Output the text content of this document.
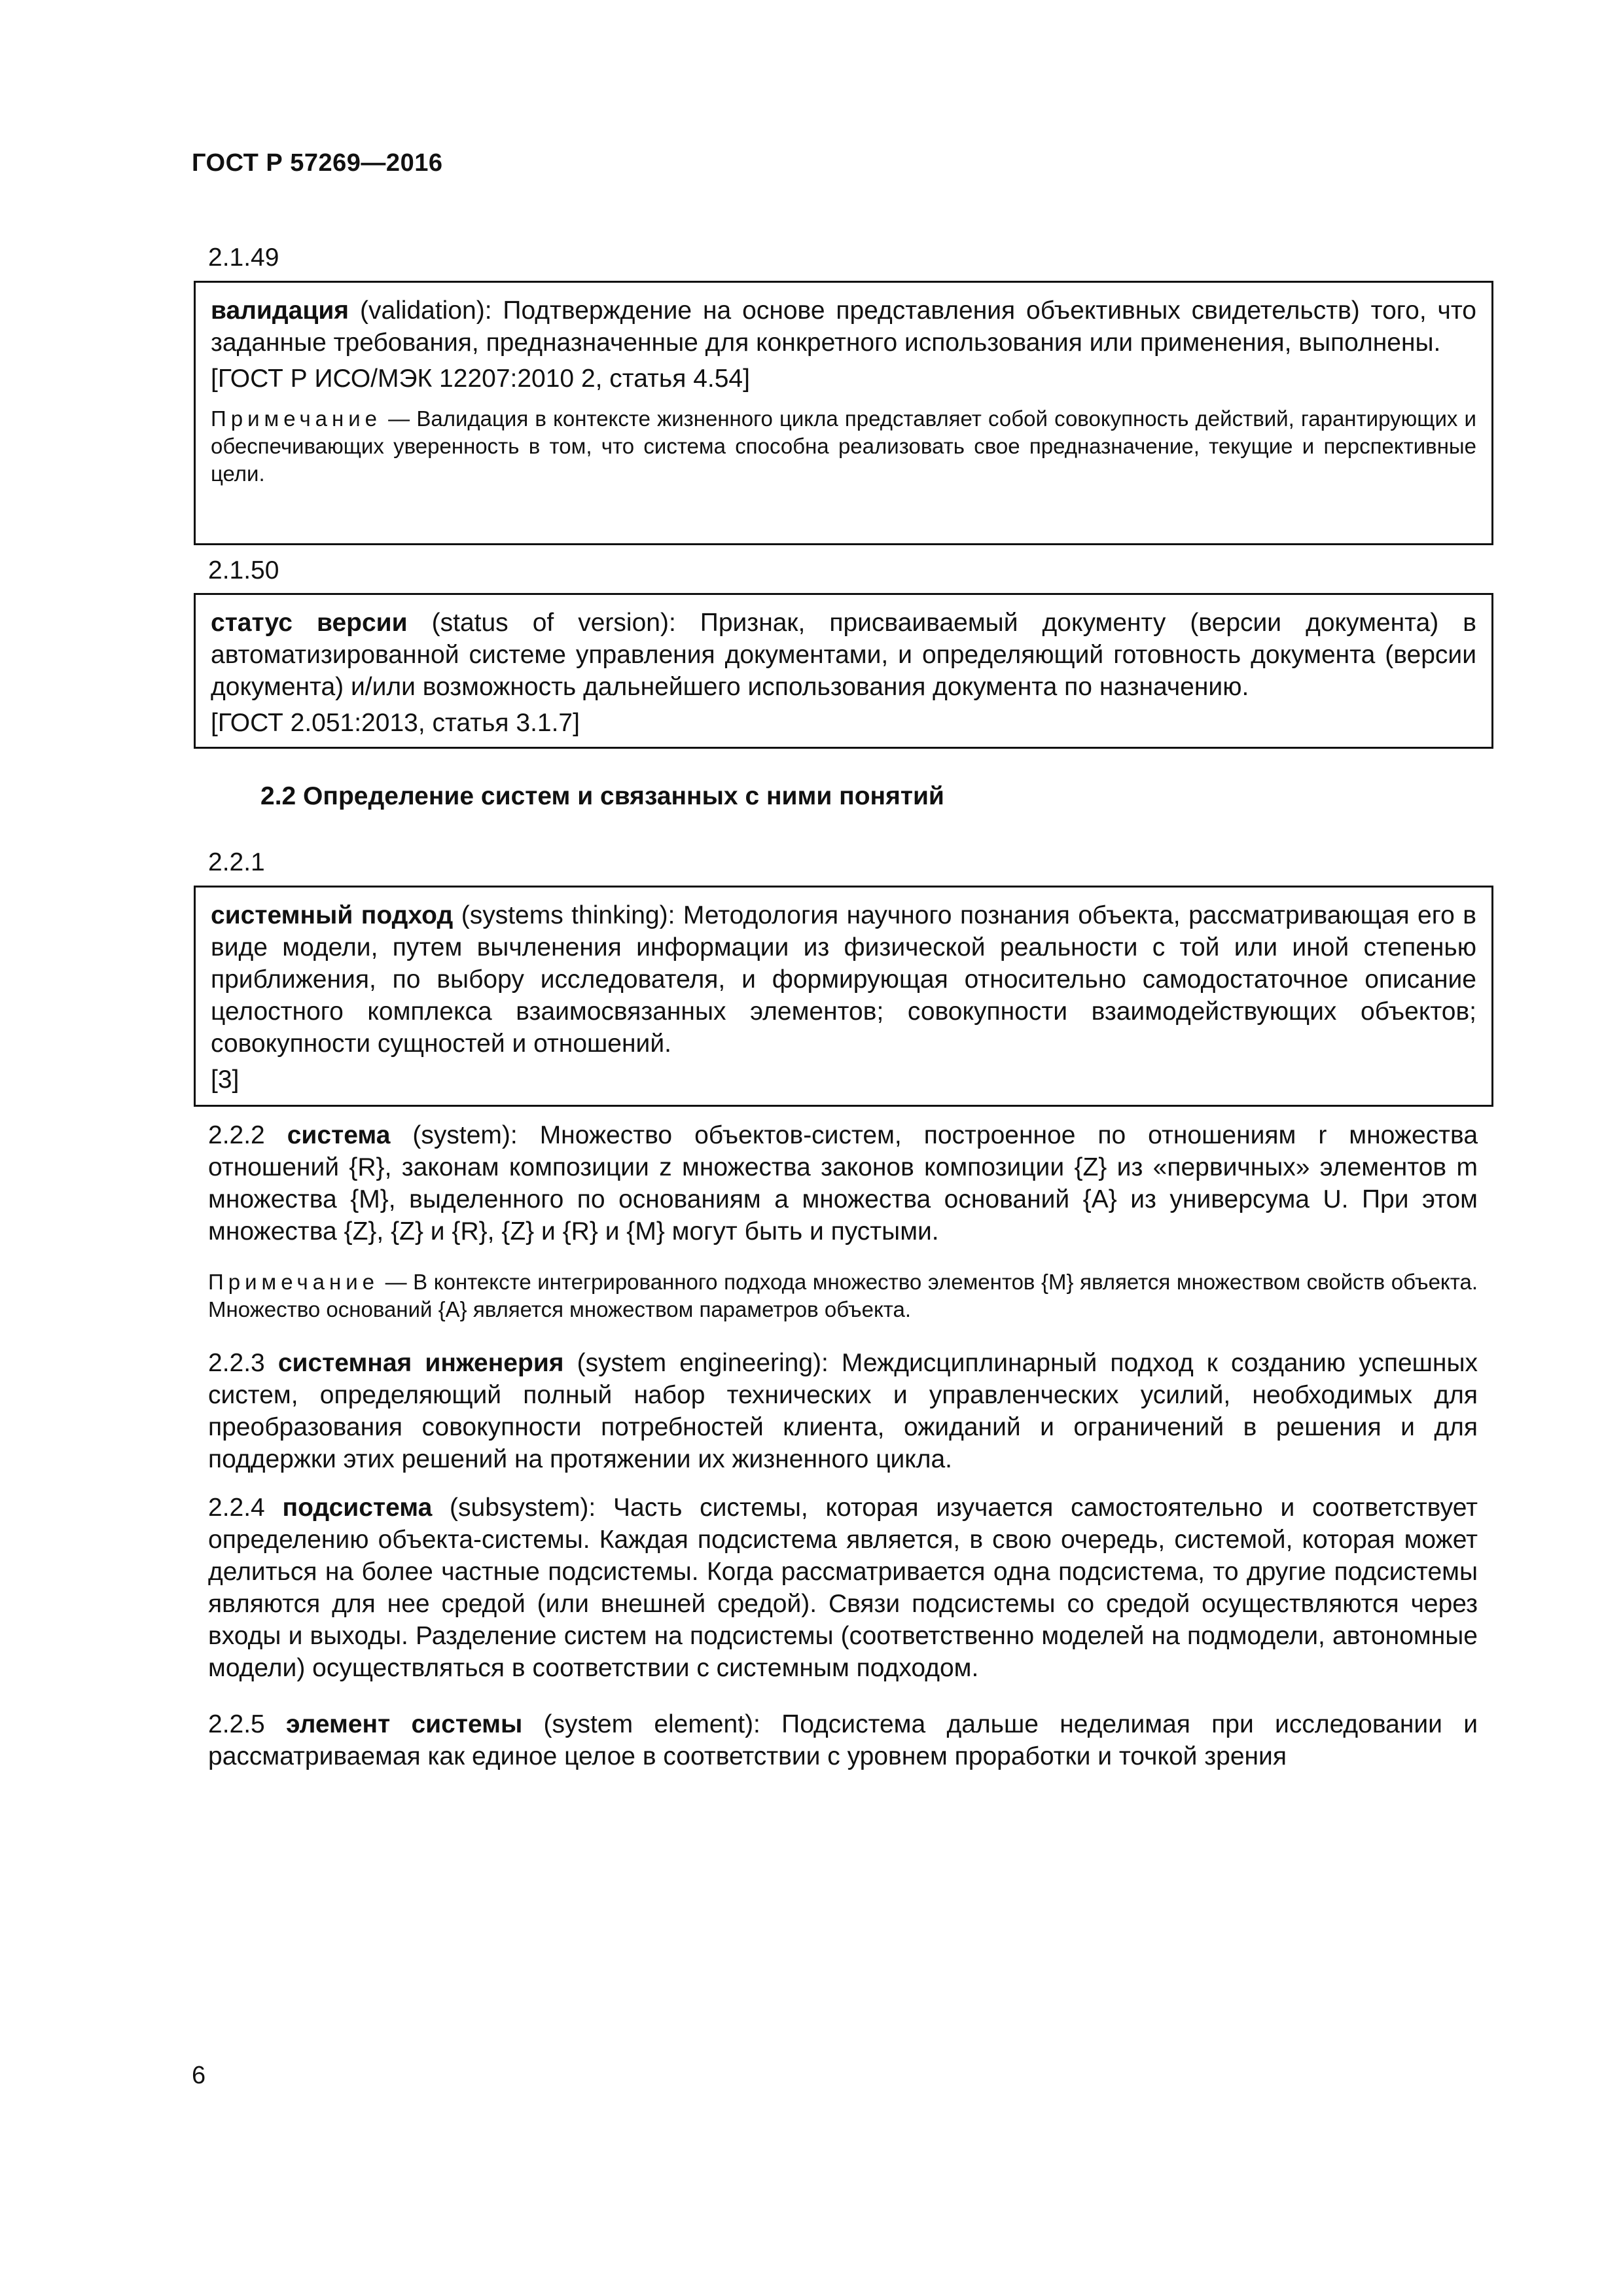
ГОСТ Р 57269—2016
2.1.49

валидация (validation): Подтверждение на основе представления объективных свидетельств) того, что заданные требования, предназначенные для конкретного использования или применения, выполнены.

[ГОСТ Р ИСО/МЭК 12207:2010 2, статья 4.54]

Примечание — Валидация в контексте жизненного цикла представляет собой совокупность действий, гарантирующих и обеспечивающих уверенность в том, что система способна реализовать свое предназначение, текущие и перспективные цели.

2.1.50

статус версии (status of version): Признак, присваиваемый документу (версии документа) в автоматизированной системе управления документами, и определяющий готовность документа (версии документа) и/или возможность дальнейшего использования документа по назначению.

[ГОСТ 2.051:2013, статья 3.1.7]

2.2 Определение систем и связанных с ними понятий
2.2.1

системный подход (systems thinking): Методология научного познания объекта, рассматривающая его в виде модели, путем вычленения информации из физической реальности с той или иной степенью приближения, по выбору исследователя, и формирующая относительно самодостаточное описание целостного комплекса взаимосвязанных элементов; совокупности взаимодействующих объектов; совокупности сущностей и отношений.

[3]

2.2.2 система (system): Множество объектов-систем, построенное по отношениям r множества отношений {R}, законам композиции z множества законов композиции {Z} из «первичных» элементов m множества {M}, выделенного по основаниям a множества оснований {A} из универсума U. При этом множества {Z}, {Z} и {R}, {Z} и {R} и {M} могут быть и пустыми.

Примечание — В контексте интегрированного подхода множество элементов {M} является множеством свойств объекта. Множество оснований {A} является множеством параметров объекта.

2.2.3 системная инженерия (system engineering): Междисциплинарный подход к созданию успешных систем, определяющий полный набор технических и управленческих усилий, необходимых для преобразования совокупности потребностей клиента, ожиданий и ограничений в решения и для поддержки этих решений на протяжении их жизненного цикла.

2.2.4 подсистема (subsystem): Часть системы, которая изучается самостоятельно и соответствует определению объекта-системы. Каждая подсистема является, в свою очередь, системой, которая может делиться на более частные подсистемы. Когда рассматривается одна подсистема, то другие подсистемы являются для нее средой (или внешней средой). Связи подсистемы со средой осуществляются через входы и выходы. Разделение систем на подсистемы (соответственно моделей на подмодели, автономные модели) осуществляться в соответствии с системным подходом.

2.2.5 элемент системы (system element): Подсистема дальше неделимая при исследовании и рассматриваемая как единое целое в соответствии с уровнем проработки и точкой зрения

6
